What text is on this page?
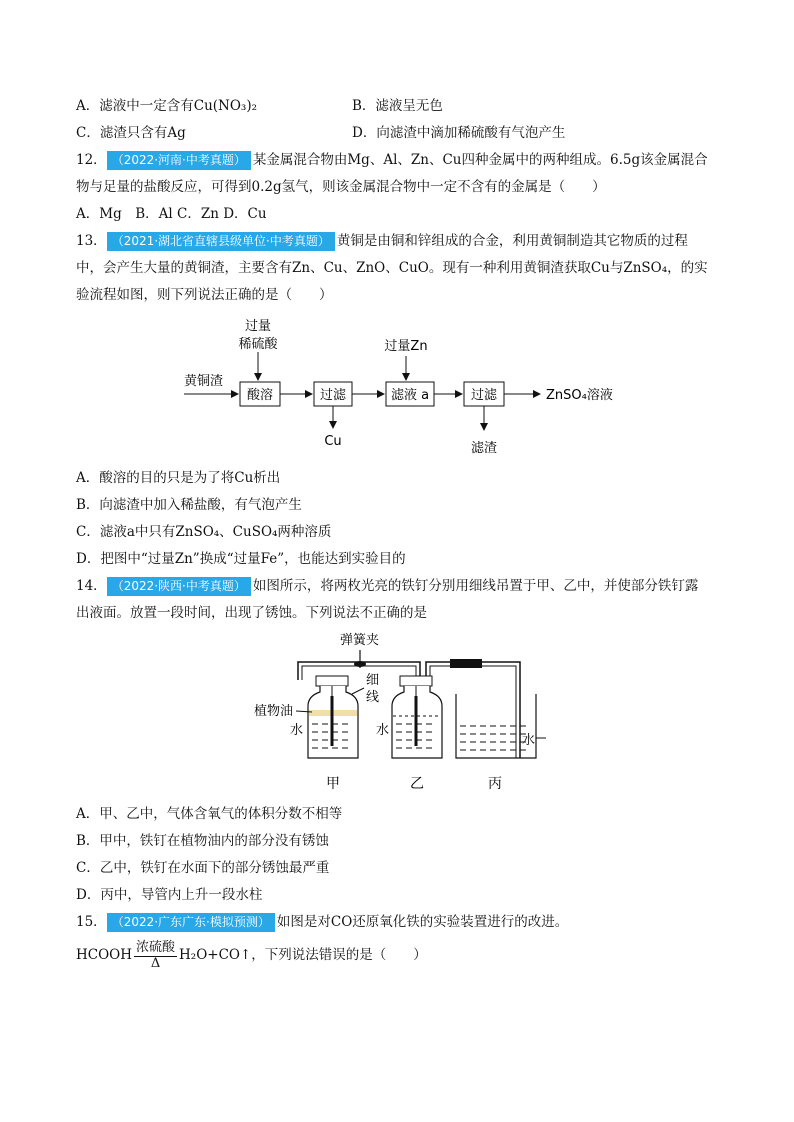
A．滤液中一定含有Cu(NO₃)₂	B．滤液呈无色
C．滤渣只含有Ag	D．向滤渣中滴加稀硫酸有气泡产生
12． （2022·河南·中考真题） 某金属混合物由Mg、Al、Zn、Cu四种金属中的两种组成。6.5g该金属混合
物与足量的盐酸反应，可得到0.2g氢气，则该金属混合物中一定不含有的金属是（　　）
A．Mg　B．Al C．Zn D．Cu
13． （2021·湖北省直辖县级单位·中考真题） 黄铜是由铜和锌组成的合金，利用黄铜制造其它物质的过程
中，会产生大量的黄铜渣，主要含有Zn、Cu、ZnO、CuO。现有一种利用黄铜渣获取Cu与ZnSO₄，的实
验流程如图，则下列说法正确的是（　　）
过量
稀硫酸
黄铜渣
酸溶	过滤
Cu
过量Zn
滤液 a	过滤
滤渣
ZnSO₄溶液
A．酸溶的目的只是为了将Cu析出
B．向滤渣中加入稀盐酸，有气泡产生
C．滤液a中只有ZnSO₄、CuSO₄两种溶质
D．把图中“过量Zn”换成“过量Fe”，也能达到实验目的
14． （2022·陕西·中考真题） 如图所示，将两枚光亮的铁钉分别用细线吊置于甲、乙中，并使部分铁钉露
出液面。放置一段时间，出现了锈蚀。下列说法不正确的是
弹簧夹
细
线
植物油
水	水
甲	乙	丙
水
A．甲、乙中，气体含氧气的体积分数不相等
B．甲中，铁钉在植物油内的部分没有锈蚀
C．乙中，铁钉在水面下的部分锈蚀最严重
D．丙中，导管内上升一段水柱
15． （2022·广东广东·模拟预测） 如图是对CO还原氧化铁的实验装置进行的改进。
HCOOH $\frac{\text{浓硫酸}}{\Delta}$ H₂O+CO↑，下列说法错误的是（　　）
